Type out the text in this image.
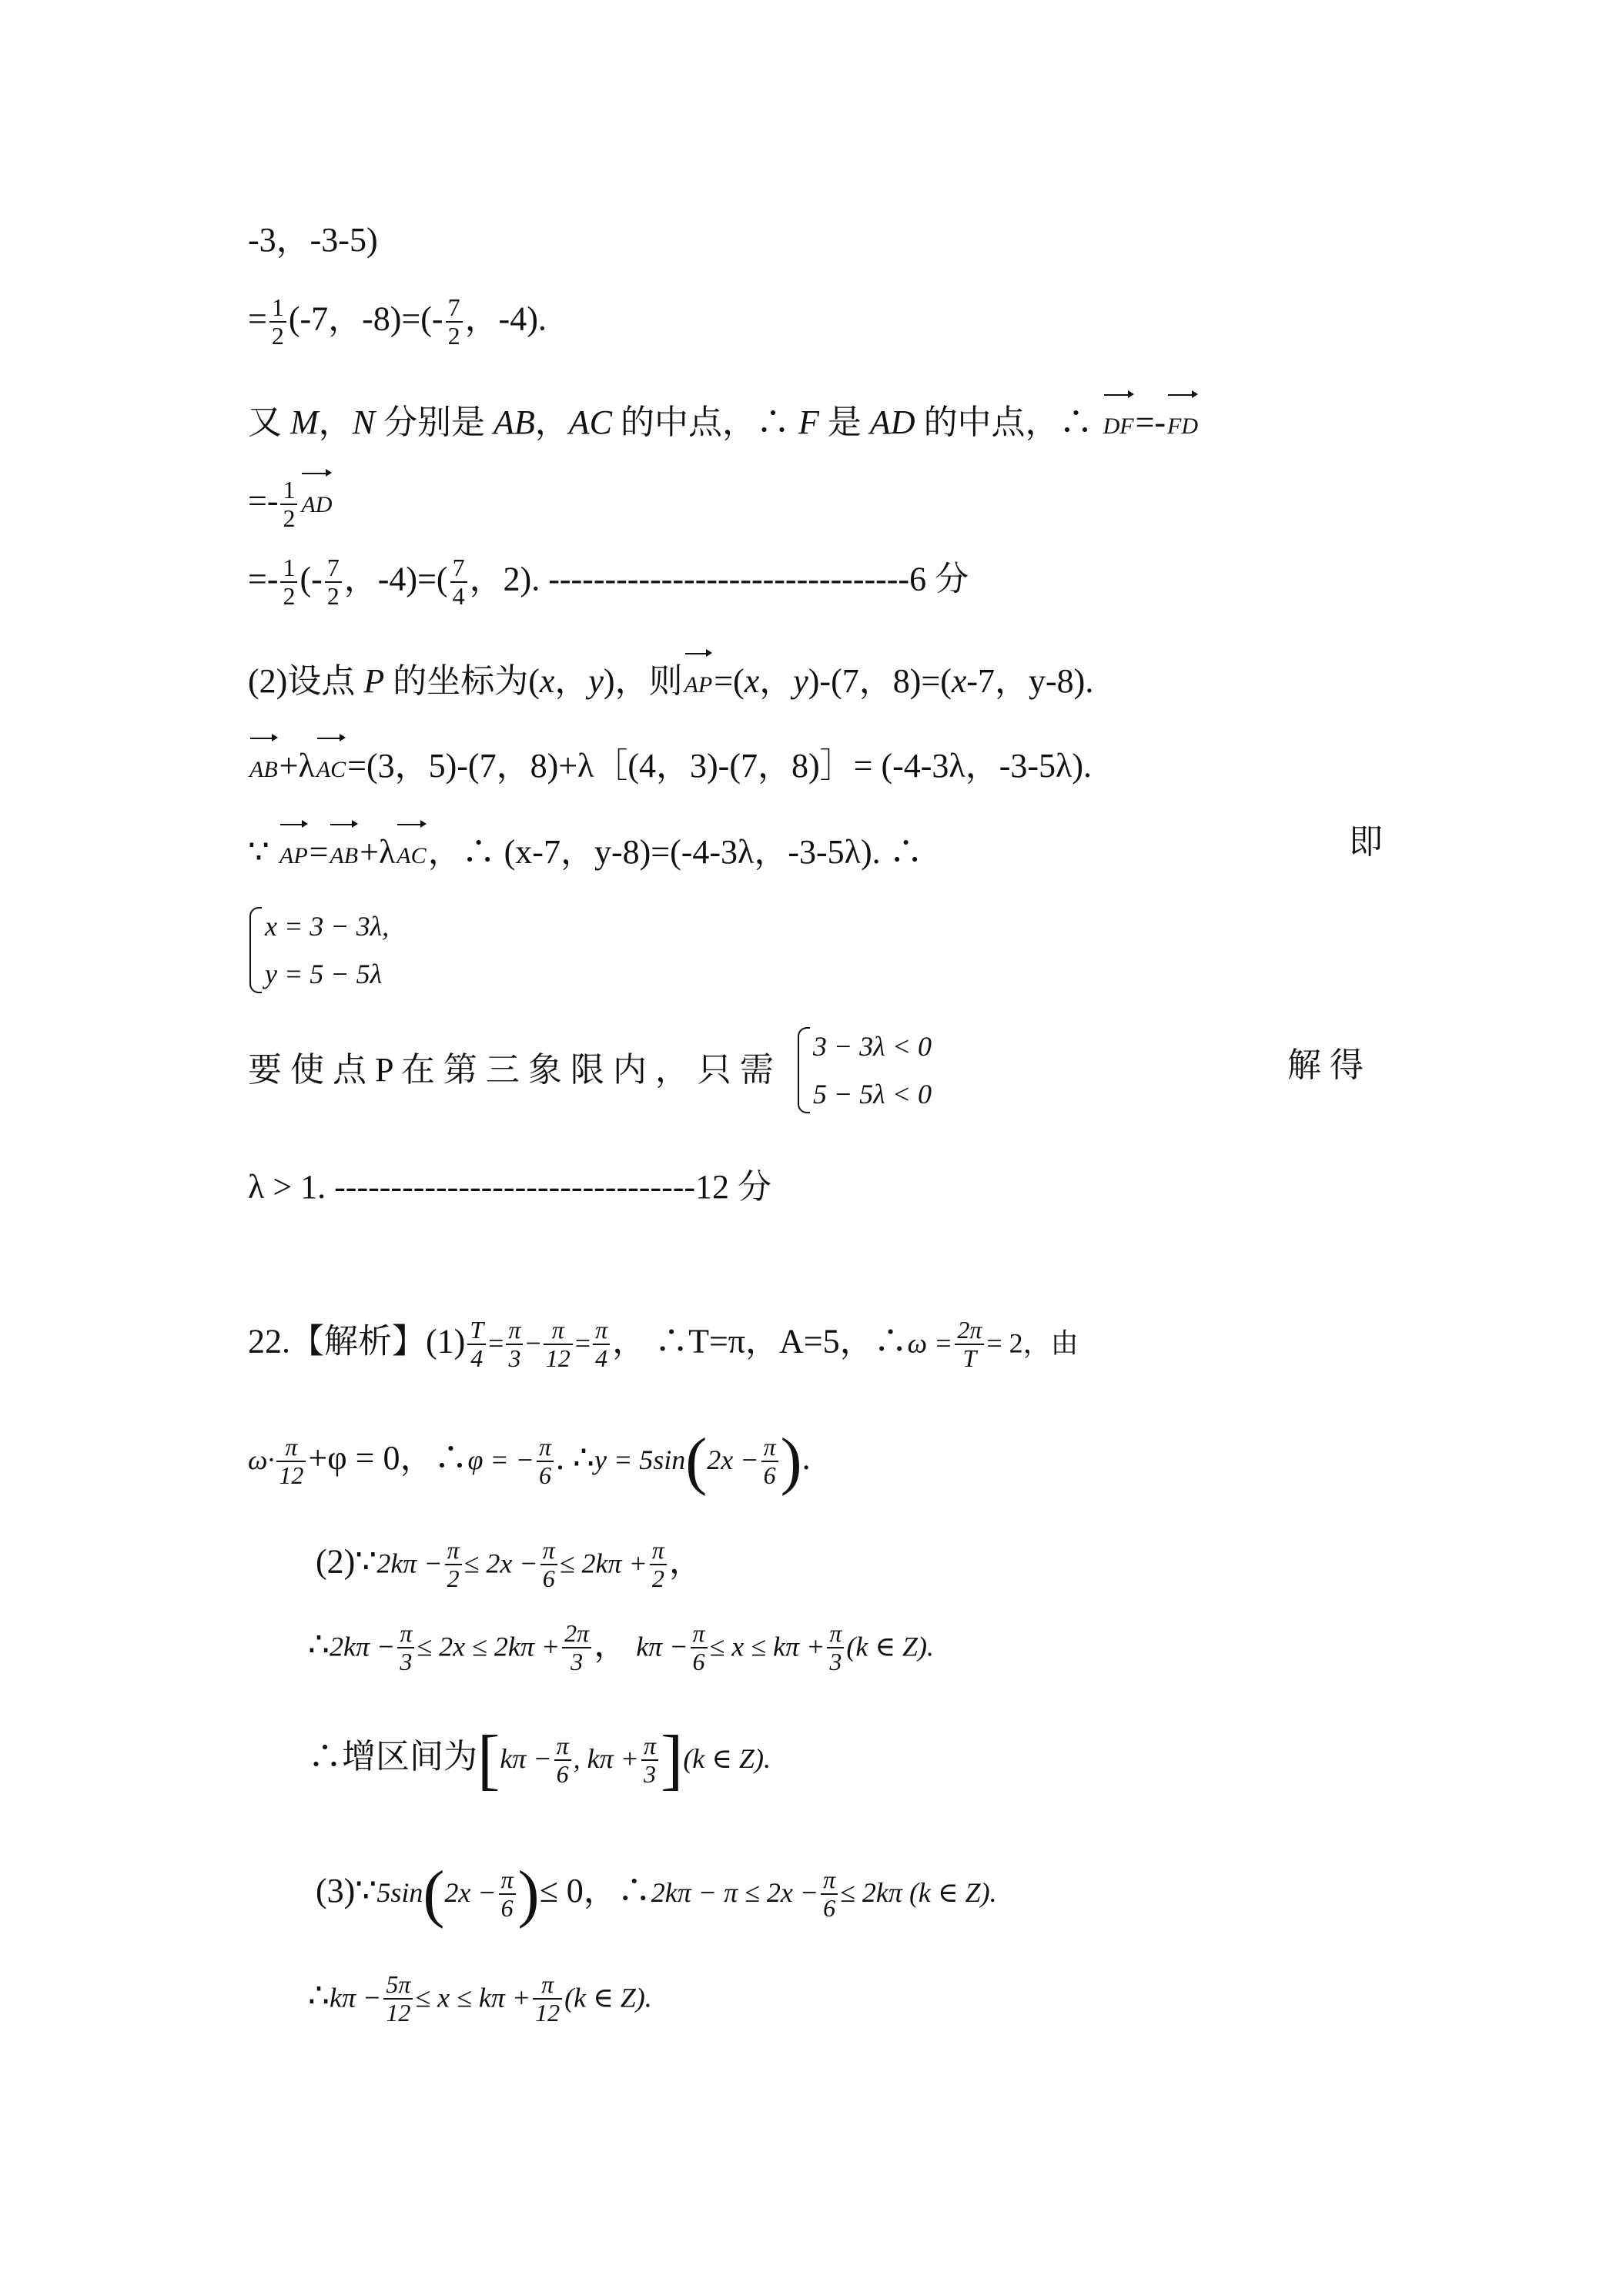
-3，-3-5)
= $\frac{1}{2} (-7$，$-8)=(- \frac{7}{2}$ ，-4).
又 M，N 分别是 AB，AC 的中点，∴ F 是 AD 的中点，∴ DF=-FD
=- $\frac{1}{2}$ AD
=- $\frac{1}{2}$ (- $\frac{7}{2}$ ，$-4)=( \frac{7}{4}$ ，2). --------------------------------6 分
(2)设点 P 的坐标为(x，y)，则AP=(x，y)-(7，8)=(x-7，y-8).
AB+λAC=(3，5)-(7，8)+λ［(4，3)-(7，8)］= (-4-3λ，-3-5λ).
∵ AP=AB+λAC，∴ (x-7，y-8)=(-4-3λ，-3-5λ). ∴	即
x = 3 − 3λ,
y = 5 − 5λ
要 使 点 P 在 第 三 象 限 内 ， 只 需
3 − 3λ < 0
5 − 5λ < 0
解 得
λ > 1. --------------------------------12 分
22.【解析】$(1) \frac{T}{4} = \frac{\pi}{3} - \frac{\pi}{12} = \frac{\pi}{4}$ ， ∴T=π，A=5，∴ω = $\frac{2\pi}{T} = 2$，由
$\omega\cdot \frac{\pi}{12} +\varphi = 0$，∴φ = − $\frac{\pi}{6}$ . ∴y = $5\sin(2x - \frac{\pi}{6}$ ).
(2)∵2kπ − $\frac{\pi}{2} \le 2x - \frac{\pi}{6} \le 2k\pi + \frac{\pi}{2}$ ，
∴2kπ − $\frac{\pi}{3} \le 2x \le 2k\pi + \frac{2\pi}{3}$ ， $k\pi - \frac{\pi}{6} \le x \le k\pi + \frac{\pi}{3} (k$ ∈ Z).
∴增区间为[$k\pi - \frac{\pi}{6}$ , $k\pi + \frac{\pi}{3} ](k$ ∈ Z).
(3)∵5sin(2x − $\frac{\pi}{6}$ )≤ 0，∴2kπ − $\pi \le 2x - \frac{\pi}{6} \le 2k\pi$ (k ∈ Z).
∴kπ − $\frac{5\pi}{12} \le x \le k\pi + \frac{\pi}{12} (k$ ∈ Z).
